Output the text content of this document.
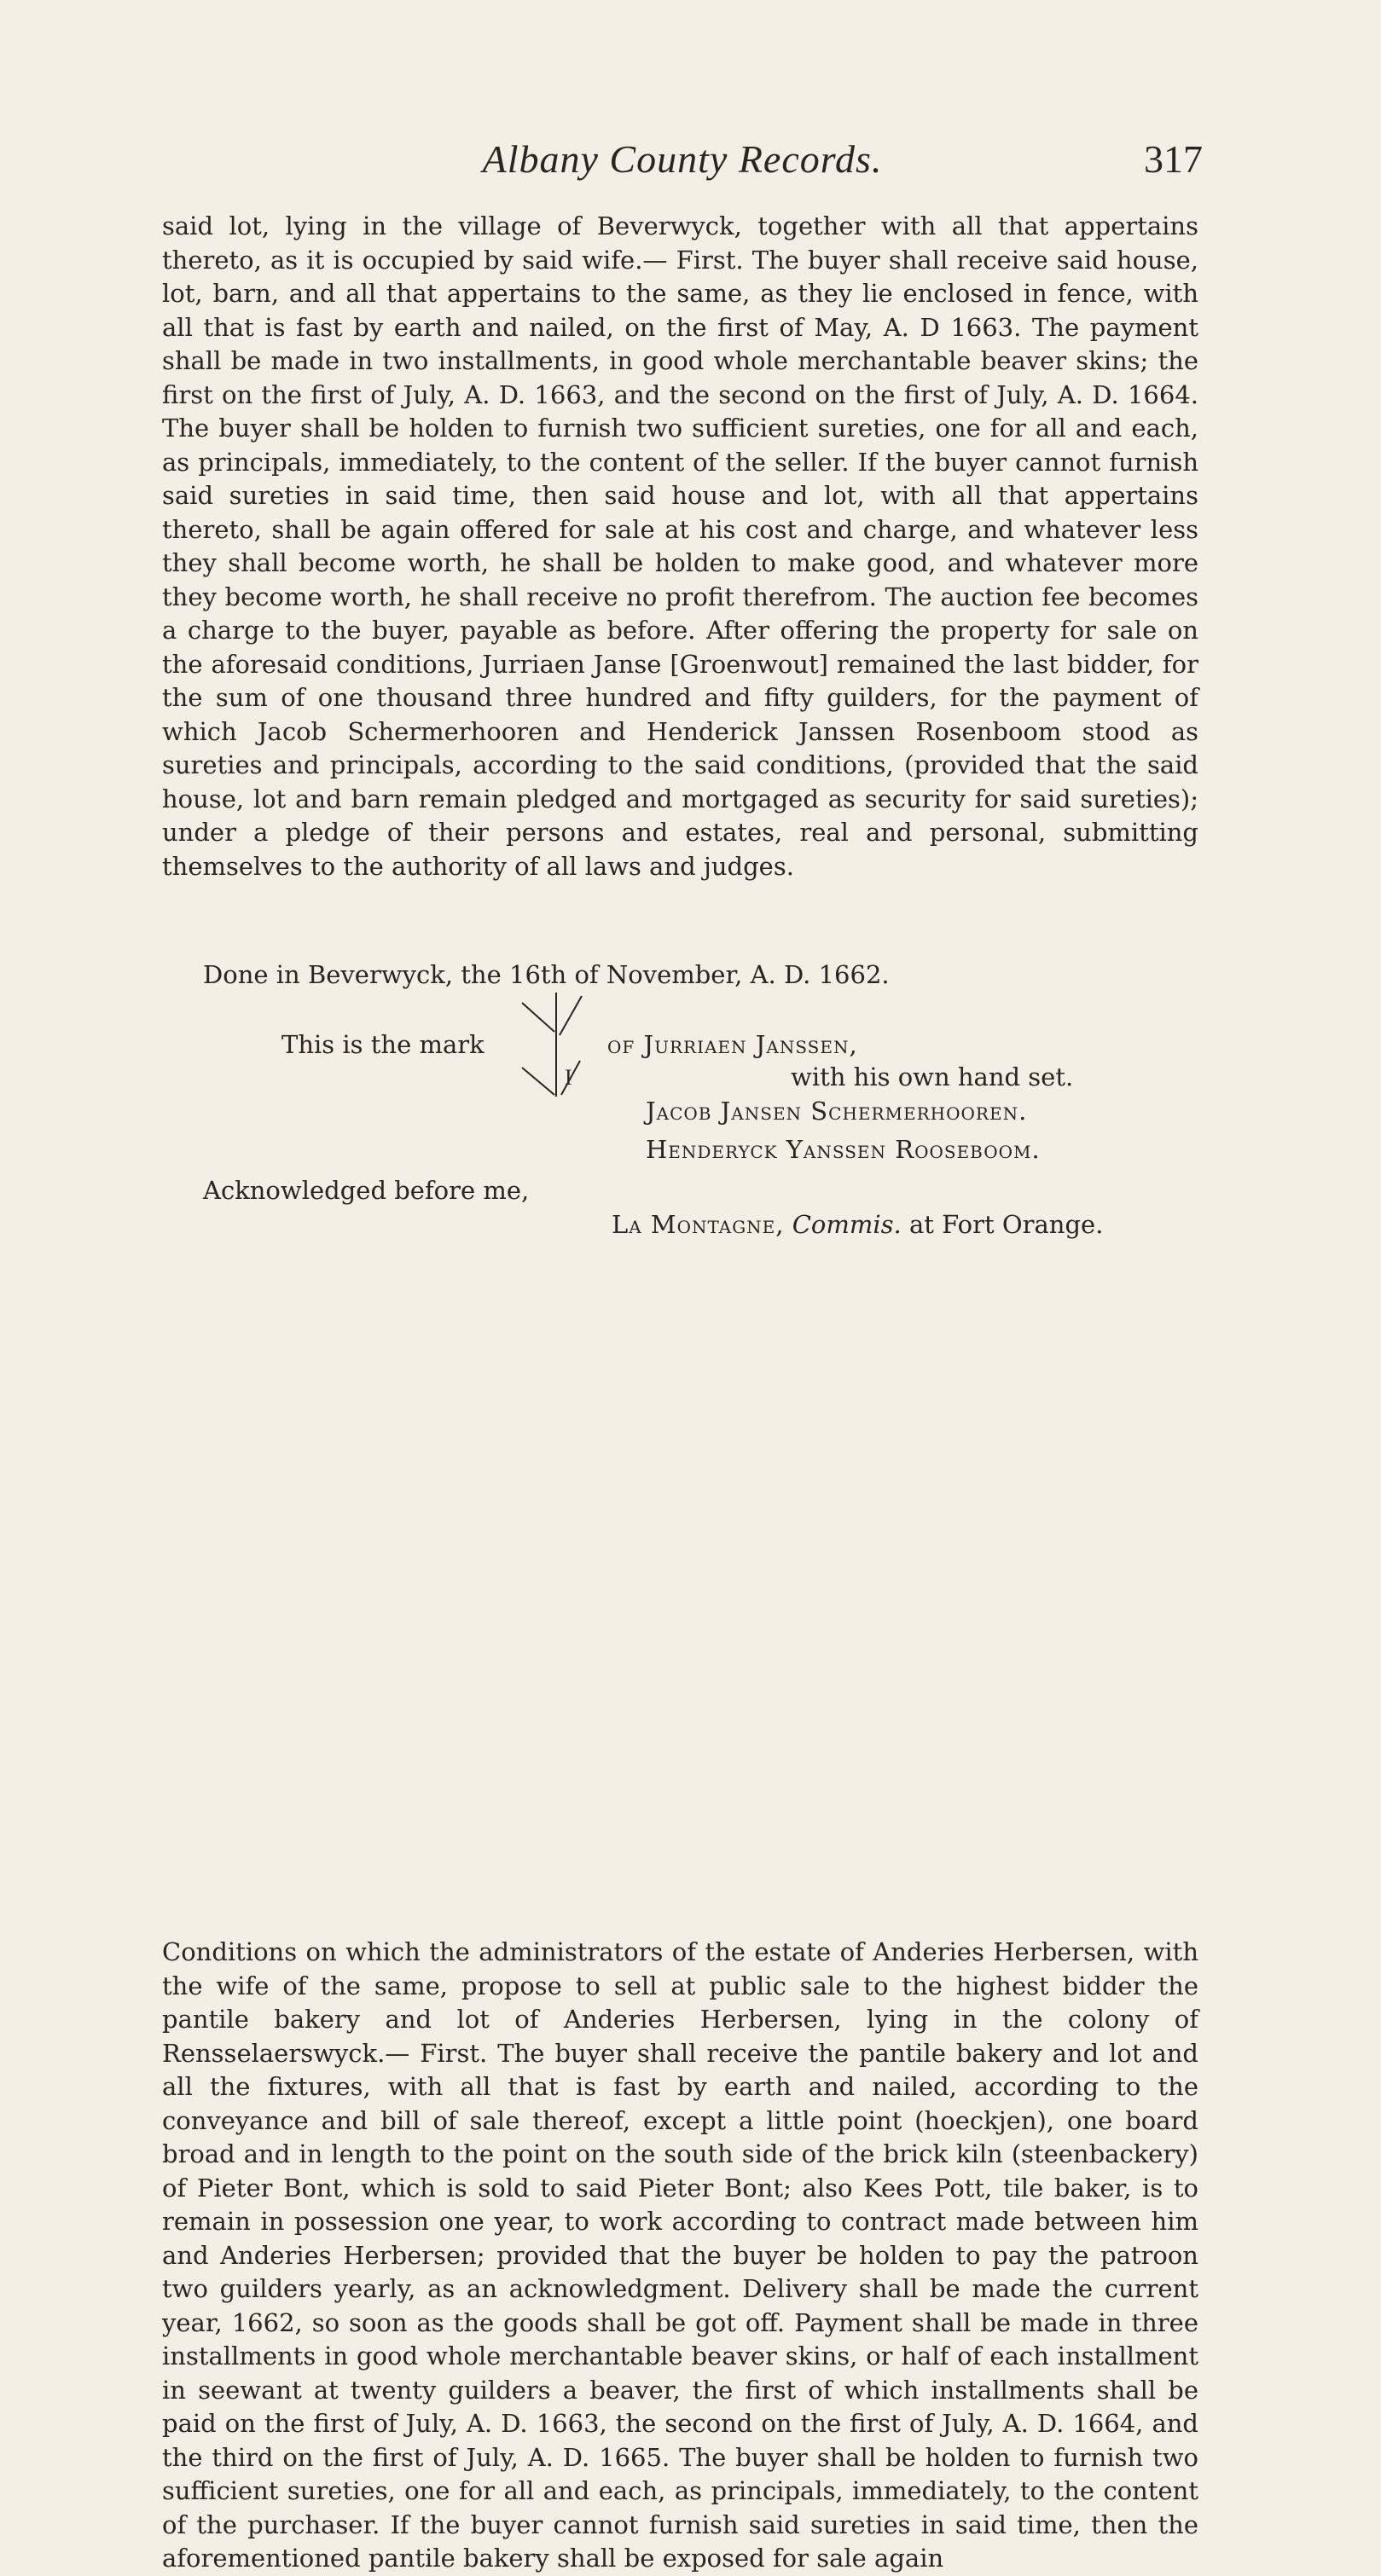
Albany County Records.	317

said lot, lying in the village of Beverwyck, together with all that appertains thereto, as it is occupied by said wife.— First. The buyer shall receive said house, lot, barn, and all that appertains to the same, as they lie enclosed in fence, with all that is fast by earth and nailed, on the first of May, A. D 1663. The payment shall be made in two installments, in good whole merchantable beaver skins; the first on the first of July, A. D. 1663, and the second on the first of July, A. D. 1664. The buyer shall be holden to furnish two sufficient sureties, one for all and each, as principals, immediately, to the content of the seller. If the buyer cannot furnish said sureties in said time, then said house and lot, with all that appertains thereto, shall be again offered for sale at his cost and charge, and whatever less they shall become worth, he shall be holden to make good, and whatever more they become worth, he shall receive no profit therefrom. The auction fee becomes a charge to the buyer, payable as before. After offering the property for sale on the aforesaid conditions, Jurriaen Janse [Groenwout] remained the last bidder, for the sum of one thousand three hundred and fifty guilders, for the payment of which Jacob Schermerhooren and Henderick Janssen Rosenboom stood as sureties and principals, according to the said conditions, (provided that the said house, lot and barn remain pledged and mortgaged as security for said sureties); under a pledge of their persons and estates, real and personal, submitting themselves to the authority of all laws and judges.

Done in Beverwyck, the 16th of November, A. D. 1662.
This is the mark
I
of Jurriaen Janssen,
with his own hand set.
Jacob Jansen Schermerhooren.
Henderyck Yanssen Rooseboom.
Acknowledged before me,
La Montagne, Commis. at Fort Orange.

Conditions on which the administrators of the estate of Anderies Herbersen, with the wife of the same, propose to sell at public sale to the highest bidder the pantile bakery and lot of Anderies Herbersen, lying in the colony of Rensselaerswyck.— First. The buyer shall receive the pantile bakery and lot and all the fixtures, with all that is fast by earth and nailed, according to the conveyance and bill of sale thereof, except a little point (hoeckjen), one board broad and in length to the point on the south side of the brick kiln (steenbackery) of Pieter Bont, which is sold to said Pieter Bont; also Kees Pott, tile baker, is to remain in possession one year, to work according to contract made between him and Anderies Herbersen; provided that the buyer be holden to pay the patroon two guilders yearly, as an acknowledgment. Delivery shall be made the current year, 1662, so soon as the goods shall be got off. Payment shall be made in three installments in good whole merchantable beaver skins, or half of each installment in seewant at twenty guilders a beaver, the first of which installments shall be paid on the first of July, A. D. 1663, the second on the first of July, A. D. 1664, and the third on the first of July, A. D. 1665. The buyer shall be holden to furnish two sufficient sureties, one for all and each, as principals, immediately, to the content of the purchaser. If the buyer cannot furnish said sureties in said time, then the aforementioned pantile bakery shall be exposed for sale again
